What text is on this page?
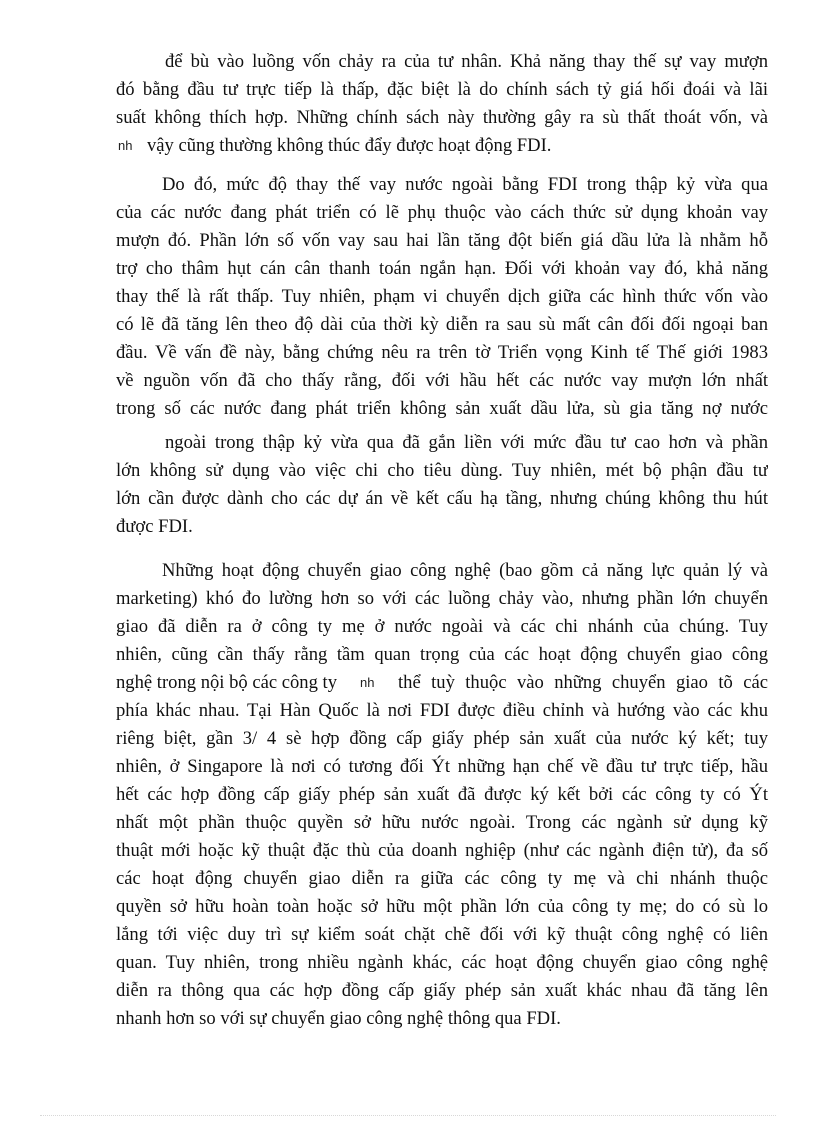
để bù vào luồng vốn chảy ra của tư nhân. Khả năng thay thế sự vay mượn
đó bằng đầu tư trực tiếp là thấp, đặc biệt là do chính sách tỷ giá hối đoái và lãi
suất không thích hợp. Những chính sách này thường gây ra sù thất thoát vốn, và
nh vậy cũng thường không thúc đẩy được hoạt động FDI.
Do đó, mức độ thay thế vay nước ngoài bằng FDI trong thập kỷ vừa qua
của các nước đang phát triển có lẽ phụ thuộc vào cách thức sử dụng khoản vay
mượn đó. Phần lớn số vốn vay sau hai lần tăng đột biến giá dầu lửa là nhằm hỗ
trợ cho thâm hụt cán cân thanh toán ngắn hạn. Đối với khoản vay đó, khả năng
thay thế là rất thấp. Tuy nhiên, phạm vi chuyển dịch giữa các hình thức vốn vào
có lẽ đã tăng lên theo độ dài của thời kỳ diễn ra sau sù mất cân đối đối ngoại ban
đầu. Về vấn đề này, bằng chứng nêu ra trên tờ Triển vọng Kinh tế Thế giới 1983
về nguồn vốn đã cho thấy rằng, đối với hầu hết các nước vay mượn lớn nhất
trong số các nước đang phát triển không sản xuất dầu lửa, sù gia tăng nợ nước
ngoài trong thập kỷ vừa qua đã gắn liền với mức đầu tư cao hơn và phần
lớn không sử dụng vào việc chi cho tiêu dùng. Tuy nhiên, mét bộ phận đầu tư
lớn cần được dành cho các dự án về kết cấu hạ tầng, nhưng chúng không thu hút
được FDI.
Những hoạt động chuyển giao công nghệ (bao gồm cả năng lực quản lý và
marketing) khó đo lường hơn so với các luồng chảy vào, nhưng phần lớn chuyển
giao đã diễn ra ở công ty mẹ ở nước ngoài và các chi nhánh của chúng. Tuy
nhiên, cũng cần thấy rằng tầm quan trọng của các hoạt động chuyển giao công
nghệ trong nội bộ các công ty	nh thể tuỳ thuộc vào những chuyển giao tõ các
phía khác nhau. Tại Hàn Quốc là nơi FDI được điều chỉnh và hướng vào các khu
riêng biệt, gần 3/ 4 sè hợp đồng cấp giấy phép sản xuất của nước ký kết; tuy
nhiên, ở Singapore là nơi có tương đối Ýt những hạn chế về đầu tư trực tiếp, hầu
hết các hợp đồng cấp giấy phép sản xuất đã được ký kết bởi các công ty có Ýt
nhất một phần thuộc quyền sở hữu nước ngoài. Trong các ngành sử dụng kỹ
thuật mới hoặc kỹ thuật đặc thù của doanh nghiệp (như các ngành điện tử), đa số
các hoạt động chuyển giao diễn ra giữa các công ty mẹ và chi nhánh thuộc
quyền sở hữu hoàn toàn hoặc sở hữu một phần lớn của công ty mẹ; do có sù lo
lắng tới việc duy trì sự kiểm soát chặt chẽ đối với kỹ thuật công nghệ có liên
quan. Tuy nhiên, trong nhiều ngành khác, các hoạt động chuyển giao công nghệ
diễn ra thông qua các hợp đồng cấp giấy phép sản xuất khác nhau đã tăng lên
nhanh hơn so với sự chuyển giao công nghệ thông qua FDI.
